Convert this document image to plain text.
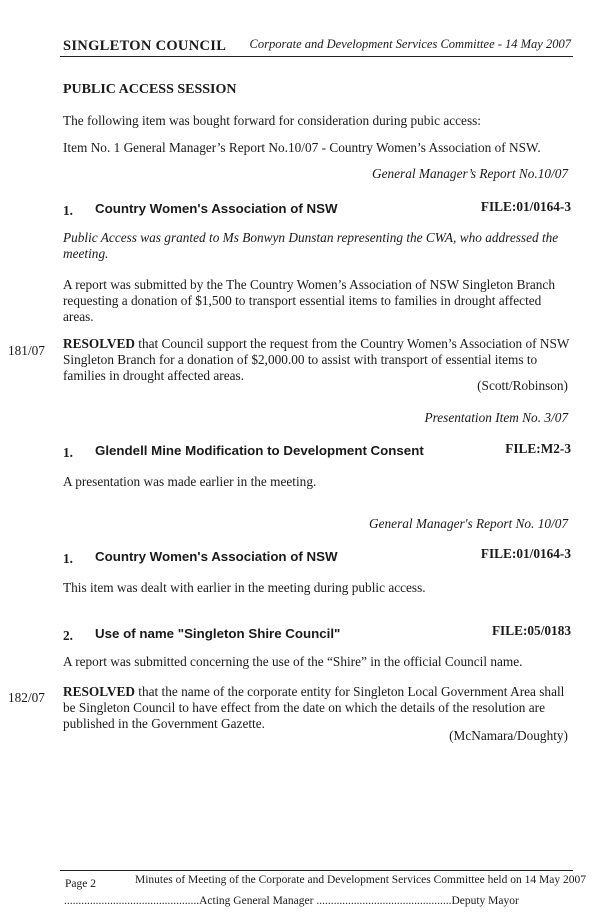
SINGLETON COUNCIL Corporate and Development Services Committee - 14 May 2007
PUBLIC ACCESS SESSION
The following item was bought forward for consideration during pubic access:
Item No. 1 General Manager’s Report No.10/07 - Country Women’s Association of NSW.
General Manager’s Report No.10/07
1. Country Women's Association of NSW	FILE:01/0164-3
Public Access was granted to Ms Bonwyn Dunstan representing the CWA, who addressed the meeting.
A report was submitted by the The Country Women’s Association of NSW Singleton Branch requesting a donation of $1,500 to transport essential items to families in drought affected areas.
181/07 RESOLVED that Council support the request from the Country Women’s Association of NSW Singleton Branch for a donation of $2,000.00 to assist with transport of essential items to families in drought affected areas.
(Scott/Robinson)
Presentation Item No. 3/07
1. Glendell Mine Modification to Development Consent	FILE:M2-3
A presentation was made earlier in the meeting.
General Manager's Report No. 10/07
1. Country Women's Association of NSW	FILE:01/0164-3
This item was dealt with earlier in the meeting during public access.
2. Use of name "Singleton Shire Council"	FILE:05/0183
A report was submitted concerning the use of the “Shire” in the official Council name.
182/07 RESOLVED that the name of the corporate entity for Singleton Local Government Area shall be Singleton Council to have effect from the date on which the details of the resolution are published in the Government Gazette.
(McNamara/Doughty)
Page 2	Minutes of Meeting of the Corporate and Development Services Committee held on 14 May 2007
...............................................Acting General Manager ...............................................Deputy Mayor
